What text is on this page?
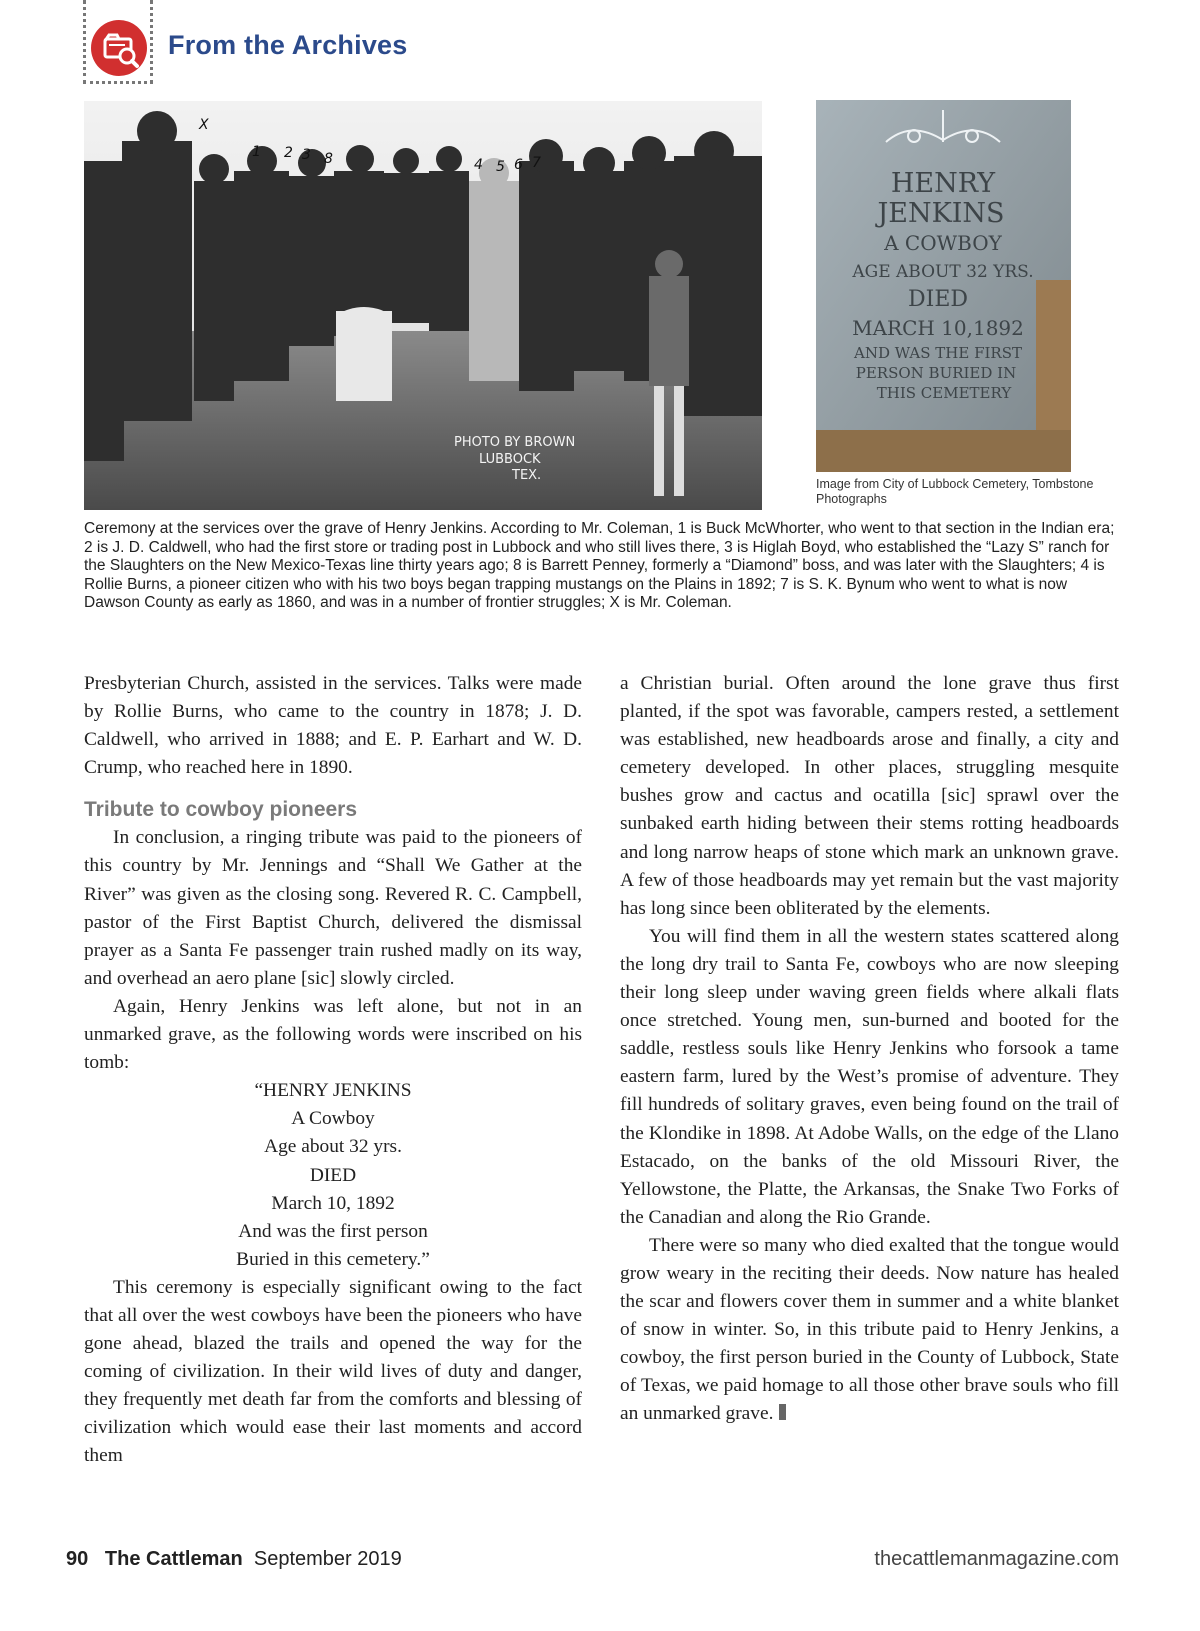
From the Archives
PHOTO BY BROWN
LUBBOCK
TEX.
X
1 2 3 8	4 5 6 7
HENRY
JENKINS
A COWBOY
AGE ABOUT 32 YRS.
DIED
MARCH 10,1892
AND WAS THE FIRST
PERSON BURIED IN
THIS CEMETERY
Image from City of Lubbock Cemetery, Tombstone Photographs
Ceremony at the services over the grave of Henry Jenkins. According to Mr. Coleman, 1 is Buck McWhorter, who went to that section in the Indian era; 2 is J. D. Caldwell, who had the first store or trading post in Lubbock and who still lives there, 3 is Higlah Boyd, who established the “Lazy S” ranch for the Slaughters on the New Mexico-Texas line thirty years ago; 8 is Barrett Penney, formerly a “Diamond” boss, and was later with the Slaughters; 4 is Rollie Burns, a pioneer citizen who with his two boys began trapping mustangs on the Plains in 1892; 7 is S. K. Bynum who went to what is now Dawson County as early as 1860, and was in a number of frontier struggles; X is Mr. Coleman.

Presbyterian Church, assisted in the services. Talks were made by Rollie Burns, who came to the country in 1878; J. D. Caldwell, who arrived in 1888; and E. P. Earhart and W. D. Crump, who reached here in 1890.

Tribute to cowboy pioneers

In conclusion, a ringing tribute was paid to the pioneers of this country by Mr. Jennings and “Shall We Gather at the River” was given as the closing song. Revered R. C. Campbell, pastor of the First Baptist Church, delivered the dismissal prayer as a Santa Fe passenger train rushed madly on its way, and overhead an aero plane [sic] slowly circled.

Again, Henry Jenkins was left alone, but not in an unmarked grave, as the following words were inscribed on his tomb:

“HENRY JENKINS
A Cowboy
Age about 32 yrs.
DIED
March 10, 1892
And was the first person
Buried in this cemetery.”

This ceremony is especially significant owing to the fact that all over the west cowboys have been the pioneers who have gone ahead, blazed the trails and opened the way for the coming of civilization. In their wild lives of duty and danger, they frequently met death far from the comforts and blessing of civilization which would ease their last moments and accord them

a Christian burial. Often around the lone grave thus first planted, if the spot was favorable, campers rested, a settlement was established, new headboards arose and finally, a city and cemetery developed. In other places, struggling mesquite bushes grow and cactus and ocatilla [sic] sprawl over the sunbaked earth hiding between their stems rotting headboards and long narrow heaps of stone which mark an unknown grave. A few of those headboards may yet remain but the vast majority has long since been obliterated by the elements.

You will find them in all the western states scattered along the long dry trail to Santa Fe, cowboys who are now sleeping their long sleep under waving green fields where alkali flats once stretched. Young men, sun-burned and booted for the saddle, restless souls like Henry Jenkins who forsook a tame eastern farm, lured by the West’s promise of adventure. They fill hundreds of solitary graves, even being found on the trail of the Klondike in 1898. At Adobe Walls, on the edge of the Llano Estacado, on the banks of the old Missouri River, the Yellowstone, the Platte, the Arkansas, the Snake Two Forks of the Canadian and along the Rio Grande.

There were so many who died exalted that the tongue would grow weary in the reciting their deeds. Now nature has healed the scar and flowers cover them in summer and a white blanket of snow in winter. So, in this tribute paid to Henry Jenkins, a cowboy, the first person buried in the County of Lubbock, State of Texas, we paid homage to all those other brave souls who fill an unmarked grave.

90 The Cattleman September 2019	thecattlemanmagazine.com
